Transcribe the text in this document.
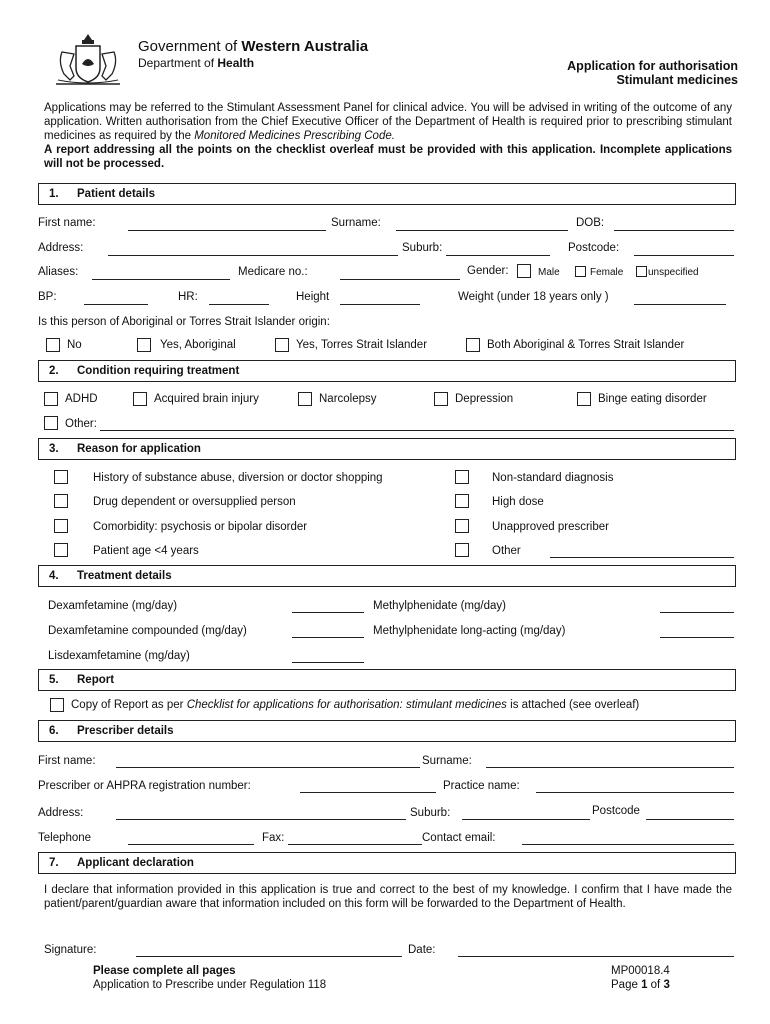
Government of Western Australia
Department of Health	Application for authorisation
Stimulant medicines
Applications may be referred to the Stimulant Assessment Panel for clinical advice. You will be advised in writing of the outcome of any application. Written authorisation from the Chief Executive Officer of the Department of Health is required prior to prescribing stimulant medicines as required by the Monitored Medicines Prescribing Code.
A report addressing all the points on the checklist overleaf must be provided with this application. Incomplete applications will not be processed.
1. Patient details
First name:	Surname:	DOB:
Address:	Suburb:	Postcode:
Aliases:	Medicare no.:	Gender:	Male	Female unspecified
BP:	HR:	Height	Weight (under 18 years only )
Is this person of Aboriginal or Torres Strait Islander origin:
No	Yes, Aboriginal	Yes, Torres Strait Islander	Both Aboriginal & Torres Strait Islander
2. Condition requiring treatment
ADHD	Acquired brain injury	Narcolepsy	Depression	Binge eating disorder
Other:
3. Reason for application
History of substance abuse, diversion or doctor shopping
Drug dependent or oversupplied person
Comorbidity: psychosis or bipolar disorder
Patient age <4 years
Non-standard diagnosis
High dose
Unapproved prescriber
Other
4. Treatment details
Dexamfetamine (mg/day)	Methylphenidate (mg/day)
Dexamfetamine compounded (mg/day)	Methylphenidate long-acting (mg/day)
Lisdexamfetamine (mg/day)
5. Report
Copy of Report as per Checklist for applications for authorisation: stimulant medicines is attached (see overleaf)
6. Prescriber details
First name:	Surname:
Prescriber or AHPRA registration number:	Practice name:
Address:	Suburb:	Postcode
Telephone	Fax:	Contact email:
7. Applicant declaration
I declare that information provided in this application is true and correct to the best of my knowledge. I confirm that I have made the patient/parent/guardian aware that information included on this form will be forwarded to the Department of Health.
Signature:	Date:
Please complete all pages
Application to Prescribe under Regulation 118
MP00018.4
Page 1 of 3
